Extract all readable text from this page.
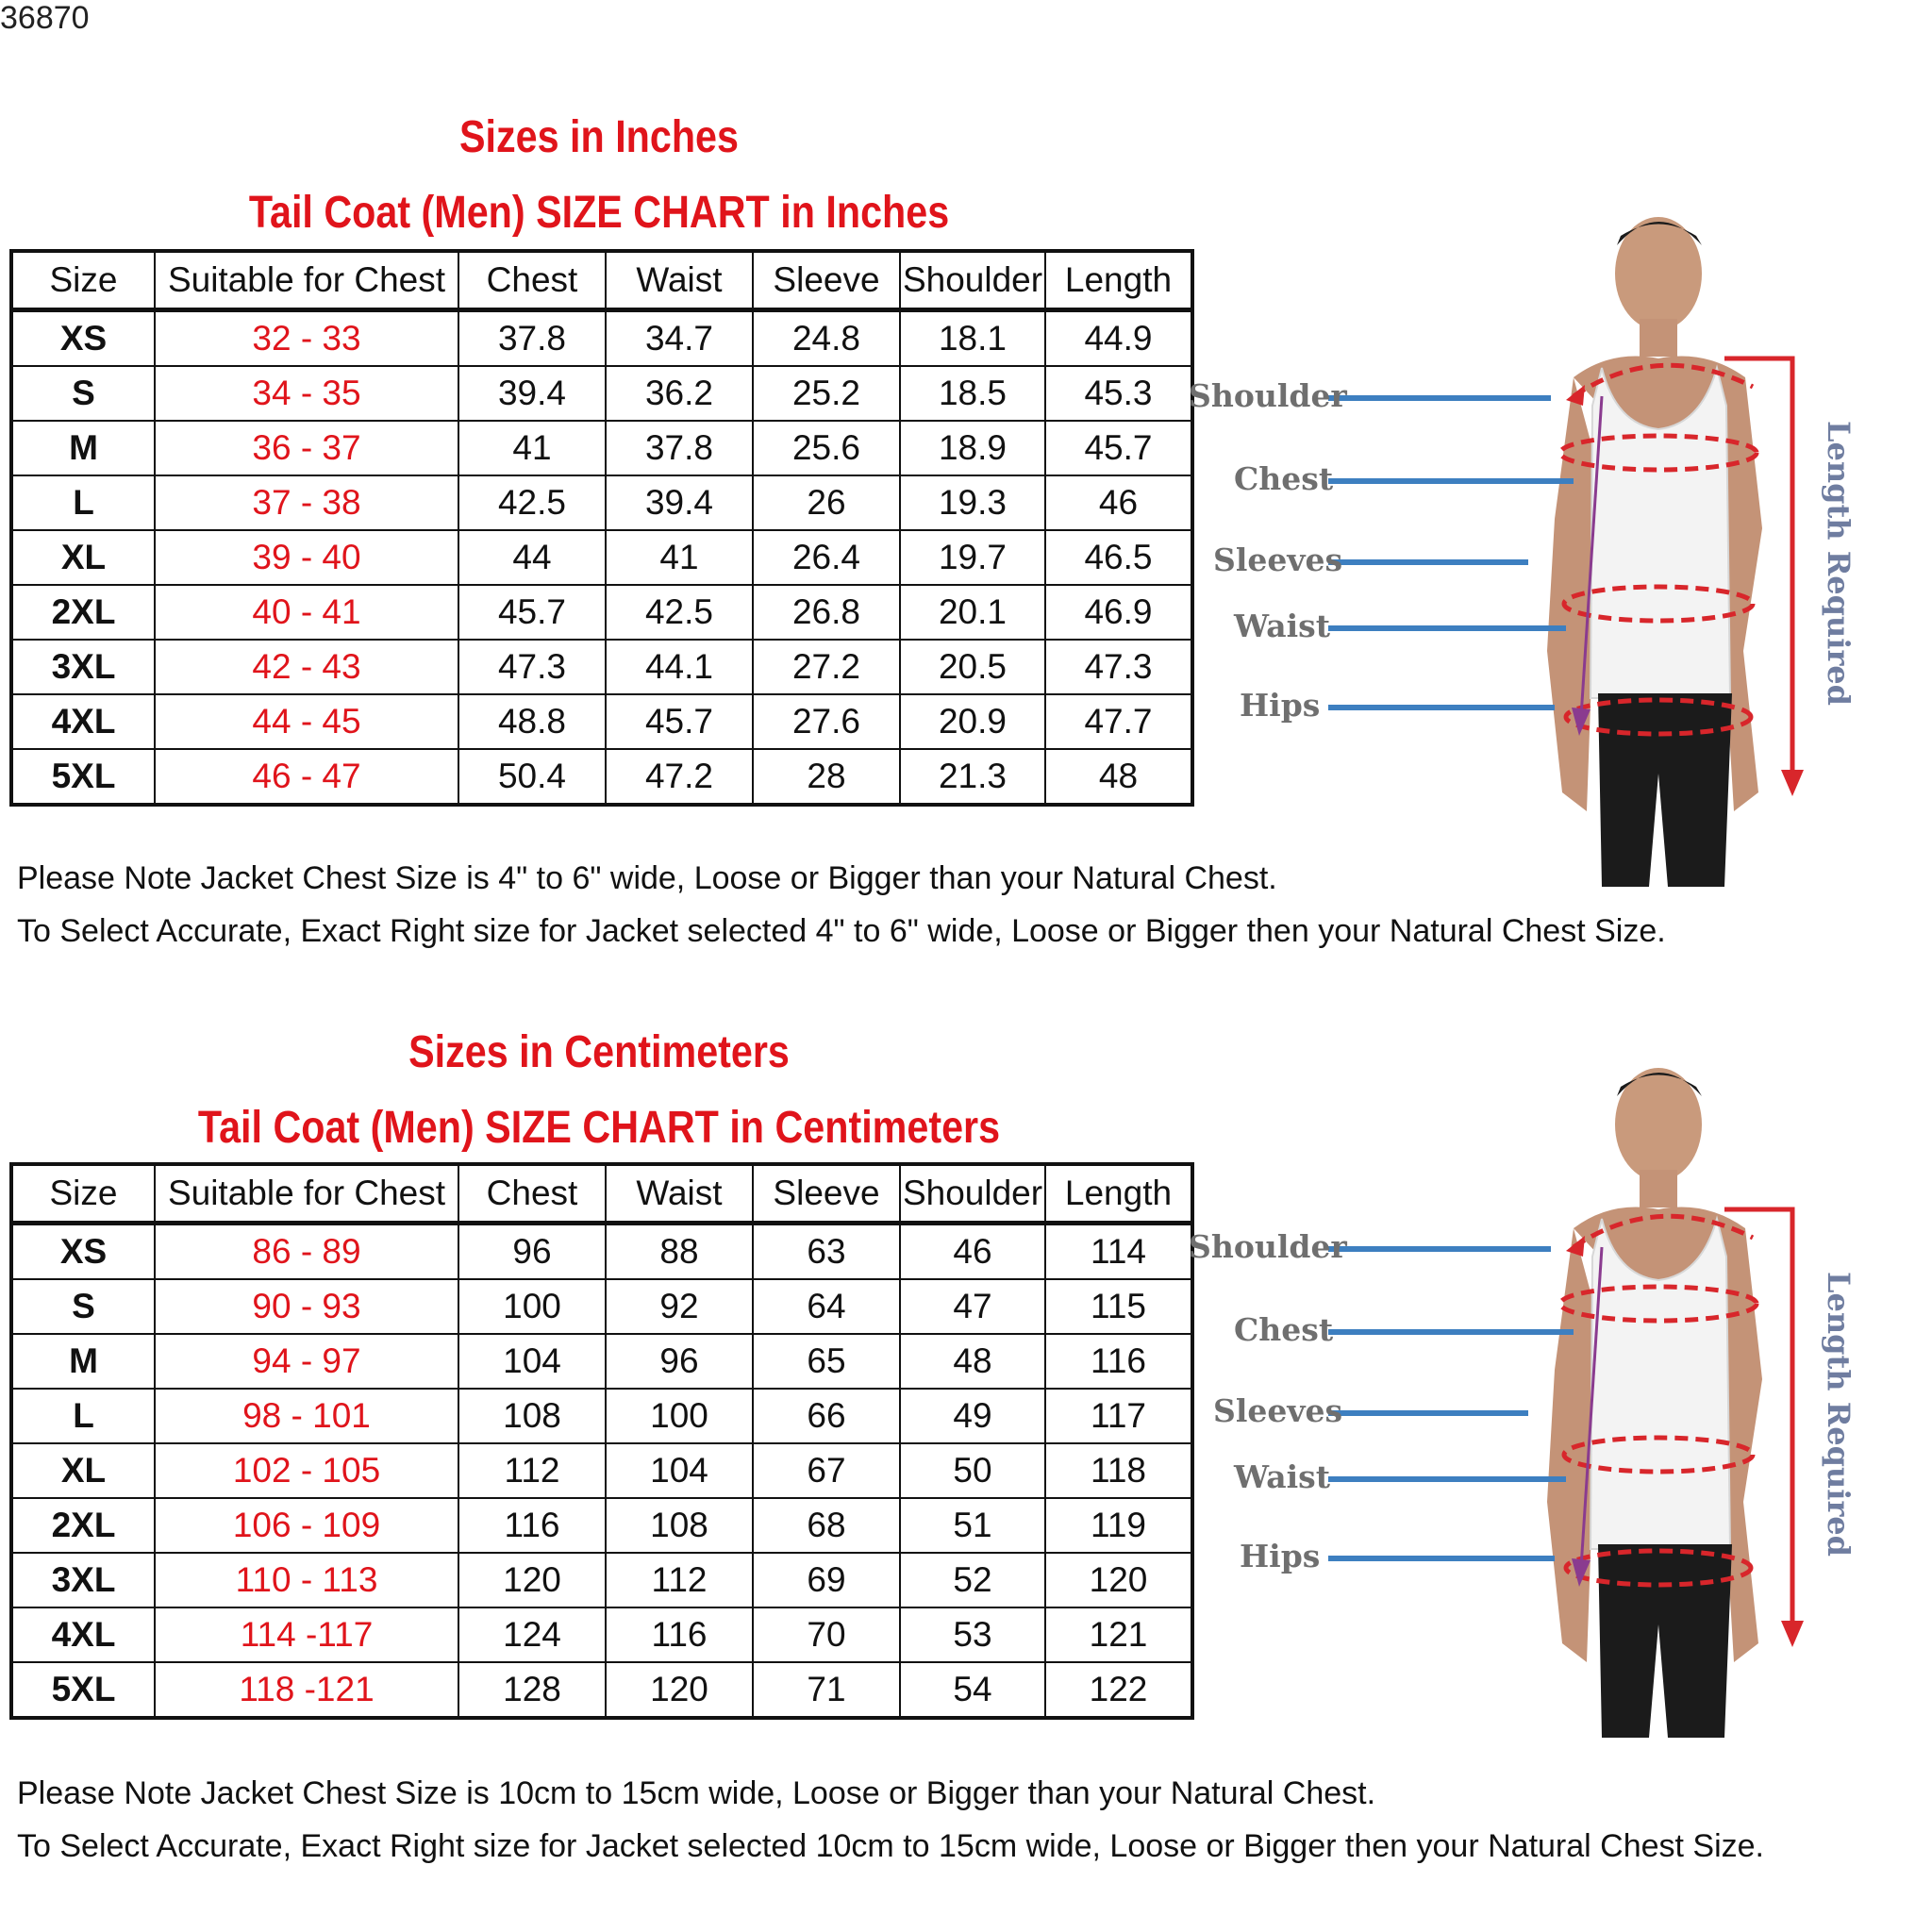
36870
Sizes in Inches
Tail Coat (Men) SIZE CHART in Inches
Size	Suitable for Chest	Chest	Waist	Sleeve	Shoulder	Length
XS	32 - 33	37.8	34.7	24.8	18.1	44.9
S	34 - 35	39.4	36.2	25.2	18.5	45.3
M	36 - 37	41	37.8	25.6	18.9	45.7
L	37 - 38	42.5	39.4	26	19.3	46
XL	39 - 40	44	41	26.4	19.7	46.5
2XL	40 - 41	45.7	42.5	26.8	20.1	46.9
3XL	42 - 43	47.3	44.1	27.2	20.5	47.3
4XL	44 - 45	48.8	45.7	27.6	20.9	47.7
5XL	46 - 47	50.4	47.2	28	21.3	48
Please Note Jacket Chest Size is 4" to 6" wide, Loose or Bigger than your Natural Chest.
To Select Accurate, Exact Right size for Jacket selected 4" to 6" wide, Loose or Bigger then your Natural Chest Size.
Sizes in Centimeters
Tail Coat (Men) SIZE CHART in Centimeters
Size	Suitable for Chest	Chest	Waist	Sleeve	Shoulder	Length
XS	86 - 89	96	88	63	46	114
S	90 - 93	100	92	64	47	115
M	94 - 97	104	96	65	48	116
L	98 - 101	108	100	66	49	117
XL	102 - 105	112	104	67	50	118
2XL	106 - 109	116	108	68	51	119
3XL	110 - 113	120	112	69	52	120
4XL	114 -117	124	116	70	53	121
5XL	118 -121	128	120	71	54	122
Please Note Jacket Chest Size is 10cm to 15cm wide, Loose or Bigger than your Natural Chest.
To Select Accurate, Exact Right size for Jacket selected 10cm to 15cm wide, Loose or Bigger then your Natural Chest Size.
Shoulder
Chest
Sleeves
Waist
Hips	Length Required
Shoulder
Chest
Sleeves
Waist
Hips	Length Required
